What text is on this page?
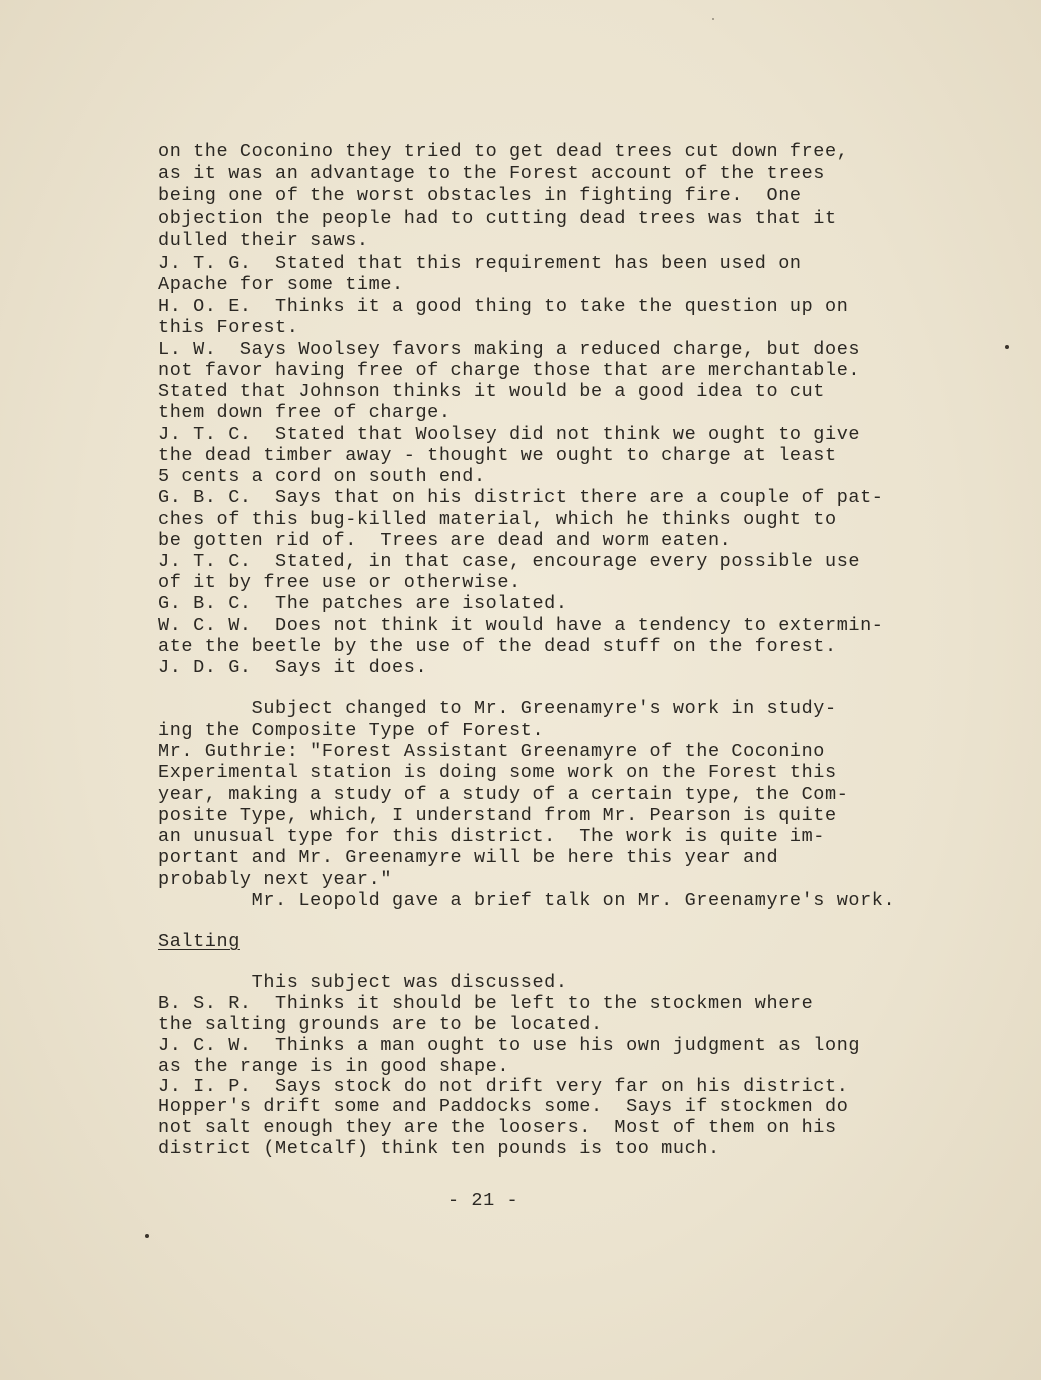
on the Coconino they tried to get dead trees cut down free,
as it was an advantage to the Forest account of the trees
being one of the worst obstacles in fighting fire.  One
objection the people had to cutting dead trees was that it
dulled their saws.
J. T. G.  Stated that this requirement has been used on
Apache for some time.
H. O. E.  Thinks it a good thing to take the question up on
this Forest.
L. W.  Says Woolsey favors making a reduced charge, but does
not favor having free of charge those that are merchantable.
Stated that Johnson thinks it would be a good idea to cut
them down free of charge.
J. T. C.  Stated that Woolsey did not think we ought to give
the dead timber away - thought we ought to charge at least
5 cents a cord on south end.
G. B. C.  Says that on his district there are a couple of pat-
ches of this bug-killed material, which he thinks ought to
be gotten rid of.  Trees are dead and worm eaten.
J. T. C.  Stated, in that case, encourage every possible use
of it by free use or otherwise.
G. B. C.  The patches are isolated.
W. C. W.  Does not think it would have a tendency to extermin-
ate the beetle by the use of the dead stuff on the forest.
J. D. G.  Says it does.
Subject changed to Mr. Greenamyre's work in study-
ing the Composite Type of Forest.
Mr. Guthrie: "Forest Assistant Greenamyre of the Coconino
Experimental station is doing some work on the Forest this
year, making a study of a study of a certain type, the Com-
posite Type, which, I understand from Mr. Pearson is quite
an unusual type for this district.  The work is quite im-
portant and Mr. Greenamyre will be here this year and
probably next year."
Mr. Leopold gave a brief talk on Mr. Greenamyre's work.
Salting
This subject was discussed.
B. S. R.  Thinks it should be left to the stockmen where
the salting grounds are to be located.
J. C. W.  Thinks a man ought to use his own judgment as long
as the range is in good shape.
J. I. P.  Says stock do not drift very far on his district.
Hopper's drift some and Paddocks some.  Says if stockmen do
not salt enough they are the loosers.  Most of them on his
district (Metcalf) think ten pounds is too much.
- 21 -
